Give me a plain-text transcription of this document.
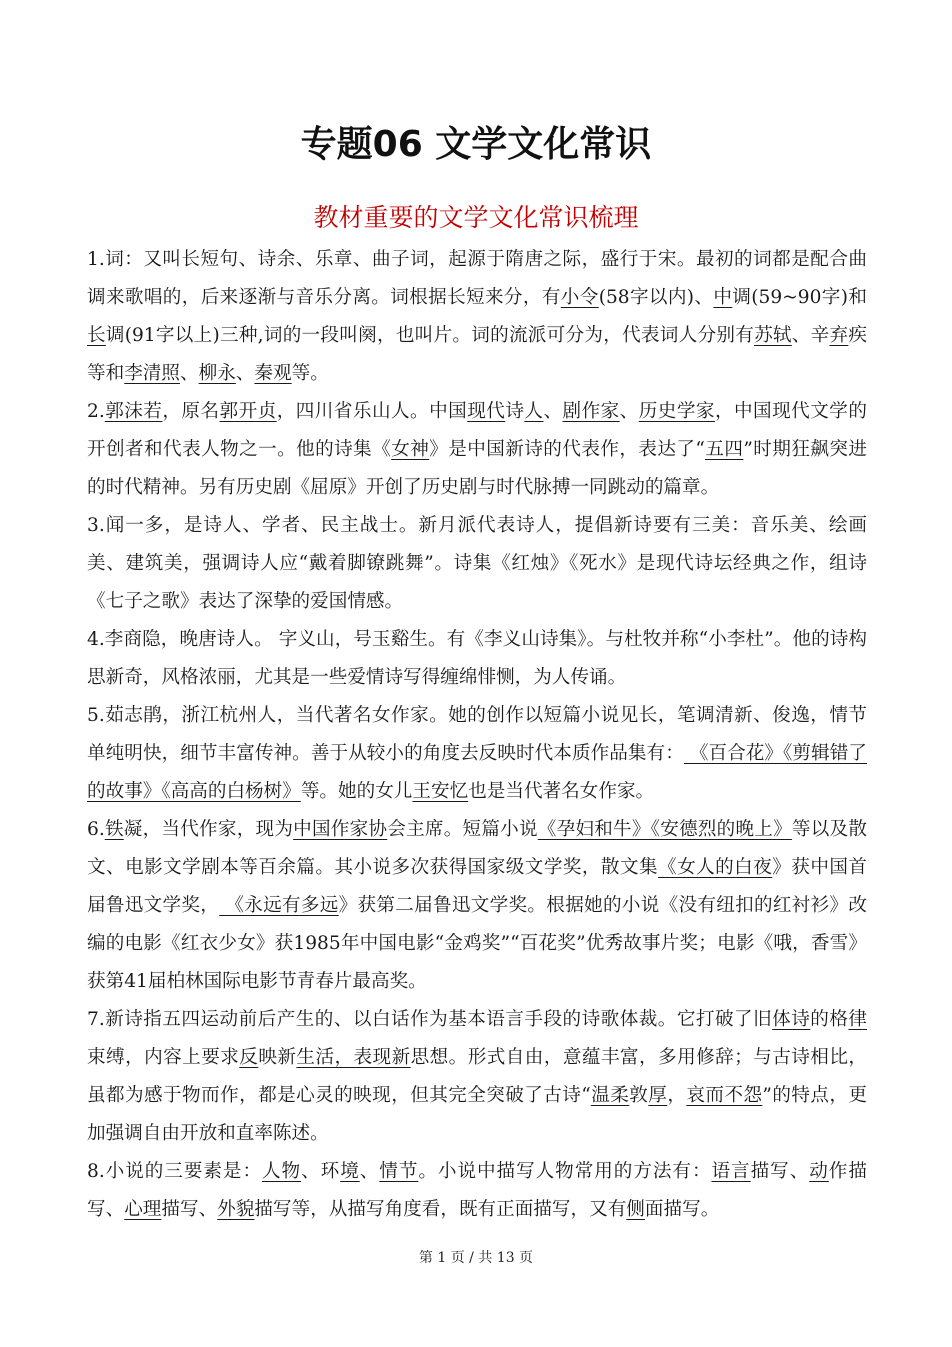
专题06 文学文化常识
教材重要的文学文化常识梳理

1.词：又叫长短句、诗余、乐章、曲子词，起源于隋唐之际，盛行于宋。最初的词都是配合曲调来歌唱的，后来逐渐与音乐分离。词根据长短来分，有小令(58字以内)、中调(59~90字)和长调(91字以上)三种,词的一段叫阕，也叫片。词的流派可分为，代表词人分别有苏轼、辛弃疾等和李清照、柳永、秦观等。

2.郭沫若，原名郭开贞，四川省乐山人。中国现代诗人、剧作家、历史学家，中国现代文学的开创者和代表人物之一。他的诗集《女神》是中国新诗的代表作，表达了“五四”时期狂飙突进的时代精神。另有历史剧《屈原》开创了历史剧与时代脉搏一同跳动的篇章。

3.闻一多，是诗人、学者、民主战士。新月派代表诗人，提倡新诗要有三美：音乐美、绘画美、建筑美，强调诗人应“戴着脚镣跳舞”。诗集《红烛》《死水》是现代诗坛经典之作，组诗《七子之歌》表达了深挚的爱国情感。

4.李商隐，晚唐诗人。 字义山，号玉谿生。有《李义山诗集》。与杜牧并称“小李杜”。他的诗构思新奇，风格浓丽，尤其是一些爱情诗写得缠绵悱恻，为人传诵。

5.茹志鹃，浙江杭州人，当代著名女作家。她的创作以短篇小说见长，笔调清新、俊逸，情节单纯明快，细节丰富传神。善于从较小的角度去反映时代本质作品集有： 《百合花》《剪辑错了的故事》《高高的白杨树》等。她的女儿王安忆也是当代著名女作家。

6.铁凝，当代作家，现为中国作家协会主席。短篇小说《孕妇和牛》《安德烈的晚上》等以及散文、电影文学剧本等百余篇。其小说多次获得国家级文学奖，散文集《女人的白夜》获中国首届鲁迅文学奖， 《永远有多远》获第二届鲁迅文学奖。根据她的小说《没有纽扣的红衬衫》改编的电影《红衣少女》获1985年中国电影“金鸡奖”“百花奖”优秀故事片奖；电影《哦，香雪》获第41届柏林国际电影节青春片最高奖。

7.新诗指五四运动前后产生的、以白话作为基本语言手段的诗歌体裁。它打破了旧体诗的格律束缚，内容上要求反映新生活，表现新思想。形式自由，意蕴丰富，多用修辞；与古诗相比，虽都为感于物而作，都是心灵的映现，但其完全突破了古诗“温柔敦厚，哀而不怨”的特点，更加强调自由开放和直率陈述。

8.小说的三要素是：人物、环境、情节。小说中描写人物常用的方法有：语言描写、动作描写、心理描写、外貌描写等，从描写角度看，既有正面描写，又有侧面描写。

第 1 页 / 共 13 页
